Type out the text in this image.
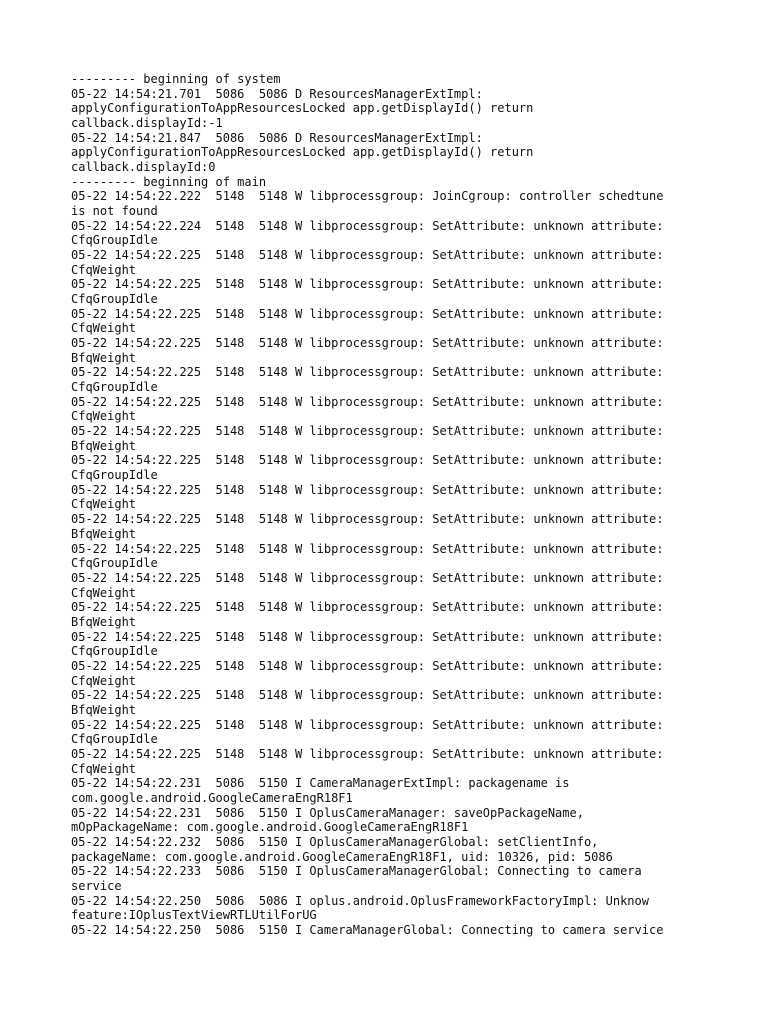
--------- beginning of system

05-22 14:54:21.701  5086  5086 D ResourcesManagerExtImpl:

applyConfigurationToAppResourcesLocked app.getDisplayId() return

callback.displayId:-1

05-22 14:54:21.847  5086  5086 D ResourcesManagerExtImpl:

applyConfigurationToAppResourcesLocked app.getDisplayId() return

callback.displayId:0

--------- beginning of main

05-22 14:54:22.222  5148  5148 W libprocessgroup: JoinCgroup: controller schedtune

is not found

05-22 14:54:22.224  5148  5148 W libprocessgroup: SetAttribute: unknown attribute:

CfqGroupIdle

05-22 14:54:22.225  5148  5148 W libprocessgroup: SetAttribute: unknown attribute:

CfqWeight

05-22 14:54:22.225  5148  5148 W libprocessgroup: SetAttribute: unknown attribute:

CfqGroupIdle

05-22 14:54:22.225  5148  5148 W libprocessgroup: SetAttribute: unknown attribute:

CfqWeight

05-22 14:54:22.225  5148  5148 W libprocessgroup: SetAttribute: unknown attribute:

BfqWeight

05-22 14:54:22.225  5148  5148 W libprocessgroup: SetAttribute: unknown attribute:

CfqGroupIdle

05-22 14:54:22.225  5148  5148 W libprocessgroup: SetAttribute: unknown attribute:

CfqWeight

05-22 14:54:22.225  5148  5148 W libprocessgroup: SetAttribute: unknown attribute:

BfqWeight

05-22 14:54:22.225  5148  5148 W libprocessgroup: SetAttribute: unknown attribute:

CfqGroupIdle

05-22 14:54:22.225  5148  5148 W libprocessgroup: SetAttribute: unknown attribute:

CfqWeight

05-22 14:54:22.225  5148  5148 W libprocessgroup: SetAttribute: unknown attribute:

BfqWeight

05-22 14:54:22.225  5148  5148 W libprocessgroup: SetAttribute: unknown attribute:

CfqGroupIdle

05-22 14:54:22.225  5148  5148 W libprocessgroup: SetAttribute: unknown attribute:

CfqWeight

05-22 14:54:22.225  5148  5148 W libprocessgroup: SetAttribute: unknown attribute:

BfqWeight

05-22 14:54:22.225  5148  5148 W libprocessgroup: SetAttribute: unknown attribute:

CfqGroupIdle

05-22 14:54:22.225  5148  5148 W libprocessgroup: SetAttribute: unknown attribute:

CfqWeight

05-22 14:54:22.225  5148  5148 W libprocessgroup: SetAttribute: unknown attribute:

BfqWeight

05-22 14:54:22.225  5148  5148 W libprocessgroup: SetAttribute: unknown attribute:

CfqGroupIdle

05-22 14:54:22.225  5148  5148 W libprocessgroup: SetAttribute: unknown attribute:

CfqWeight

05-22 14:54:22.231  5086  5150 I CameraManagerExtImpl: packagename is

com.google.android.GoogleCameraEngR18F1

05-22 14:54:22.231  5086  5150 I OplusCameraManager: saveOpPackageName,

mOpPackageName: com.google.android.GoogleCameraEngR18F1

05-22 14:54:22.232  5086  5150 I OplusCameraManagerGlobal: setClientInfo,

packageName: com.google.android.GoogleCameraEngR18F1, uid: 10326, pid: 5086

05-22 14:54:22.233  5086  5150 I OplusCameraManagerGlobal: Connecting to camera

service

05-22 14:54:22.250  5086  5086 I oplus.android.OplusFrameworkFactoryImpl: Unknow

feature:IOplusTextViewRTLUtilForUG

05-22 14:54:22.250  5086  5150 I CameraManagerGlobal: Connecting to camera service
